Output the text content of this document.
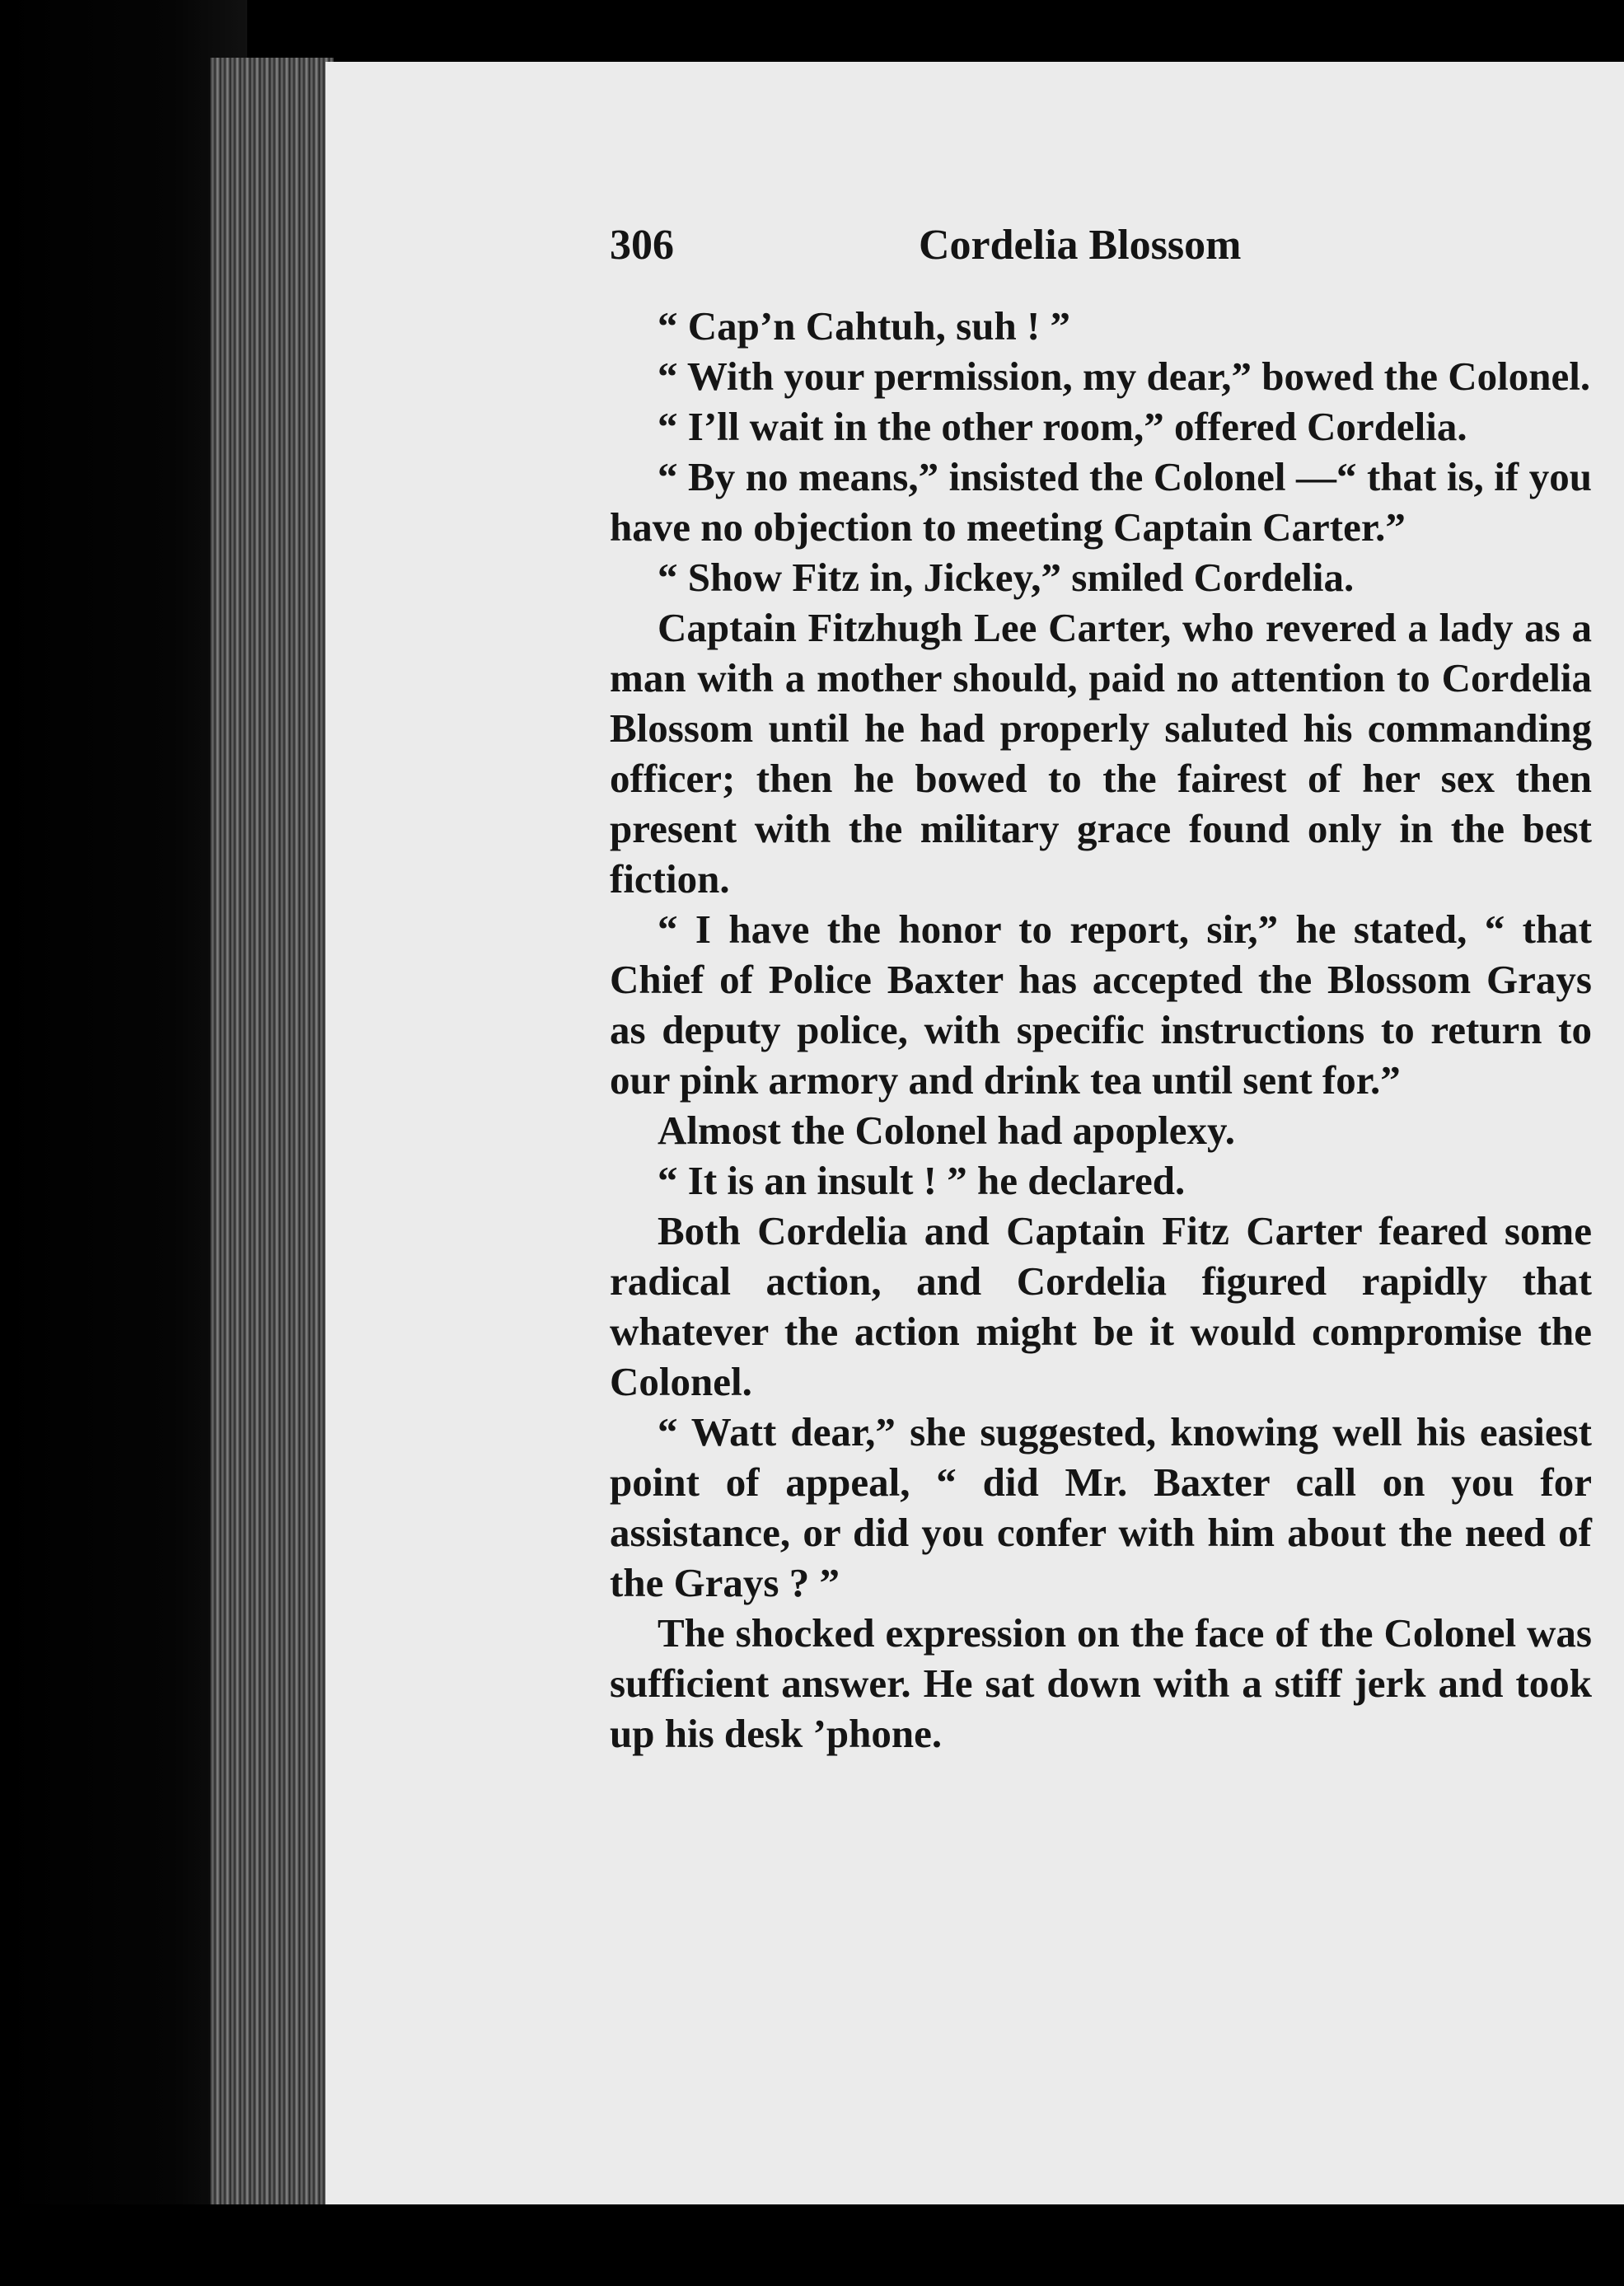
306	Cordelia Blossom

“ Cap’n Cahtuh, suh ! ”

“ With your permission, my dear,” bowed the Colonel.

“ I’ll wait in the other room,” offered Cordelia.

“ By no means,” insisted the Colonel —“ that is, if you have no objection to meeting Captain Carter.”

“ Show Fitz in, Jickey,” smiled Cordelia.

Captain Fitzhugh Lee Carter, who revered a lady as a man with a mother should, paid no attention to Cordelia Blossom until he had properly saluted his commanding officer; then he bowed to the fairest of her sex then present with the military grace found only in the best fiction.

“ I have the honor to report, sir,” he stated, “ that Chief of Police Baxter has accepted the Blossom Grays as deputy police, with specific instructions to return to our pink armory and drink tea until sent for.”

Almost the Colonel had apoplexy.

“ It is an insult ! ” he declared.

Both Cordelia and Captain Fitz Carter feared some radical action, and Cordelia figured rapidly that whatever the action might be it would compromise the Colonel.

“ Watt dear,” she suggested, knowing well his easiest point of appeal, “ did Mr. Baxter call on you for assistance, or did you confer with him about the need of the Grays ? ”

The shocked expression on the face of the Colonel was sufficient answer. He sat down with a stiff jerk and took up his desk ’phone.
